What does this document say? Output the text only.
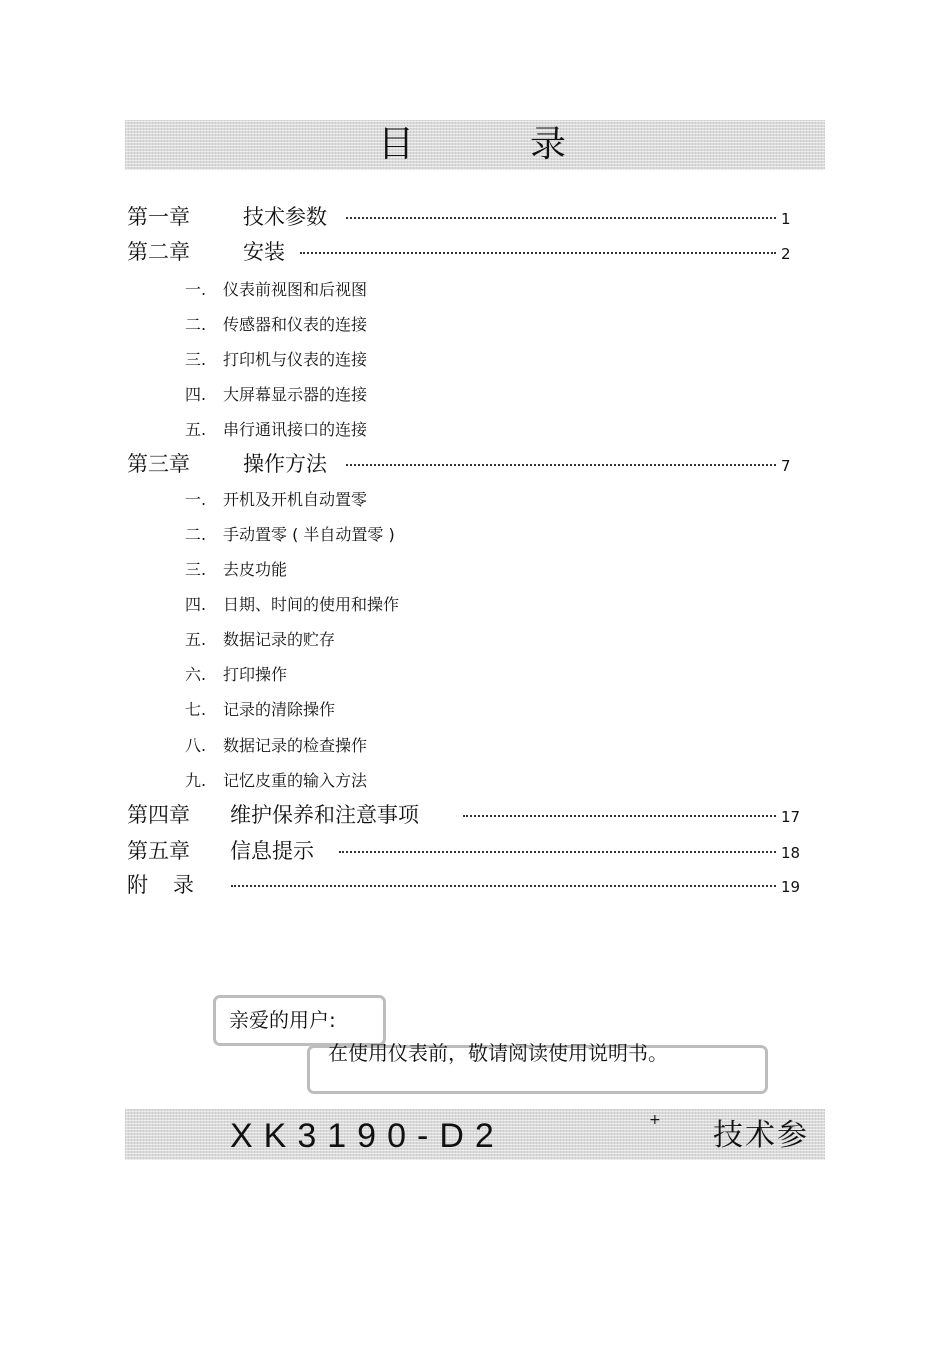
目	录
第一章	技术参数	1
第二章	安装	2
一. 仪表前视图和后视图
二. 传感器和仪表的连接
三. 打印机与仪表的连接
四. 大屏幕显示器的连接
五. 串行通讯接口的连接
第三章	操作方法	7
一. 开机及开机自动置零
二. 手动置零 ( 半自动置零 )
三. 去皮功能
四. 日期、时间的使用和操作
五. 数据记录的贮存
六. 打印操作
七. 记录的清除操作
八. 数据记录的检查操作
九. 记忆皮重的输入方法
第四章 维护保养和注意事项	17
第五章 信息提示	18
附　录	19
亲爱的用户:
在使用仪表前，敬请阅读使用说明书。
XK3190-D2	+ 技术参
